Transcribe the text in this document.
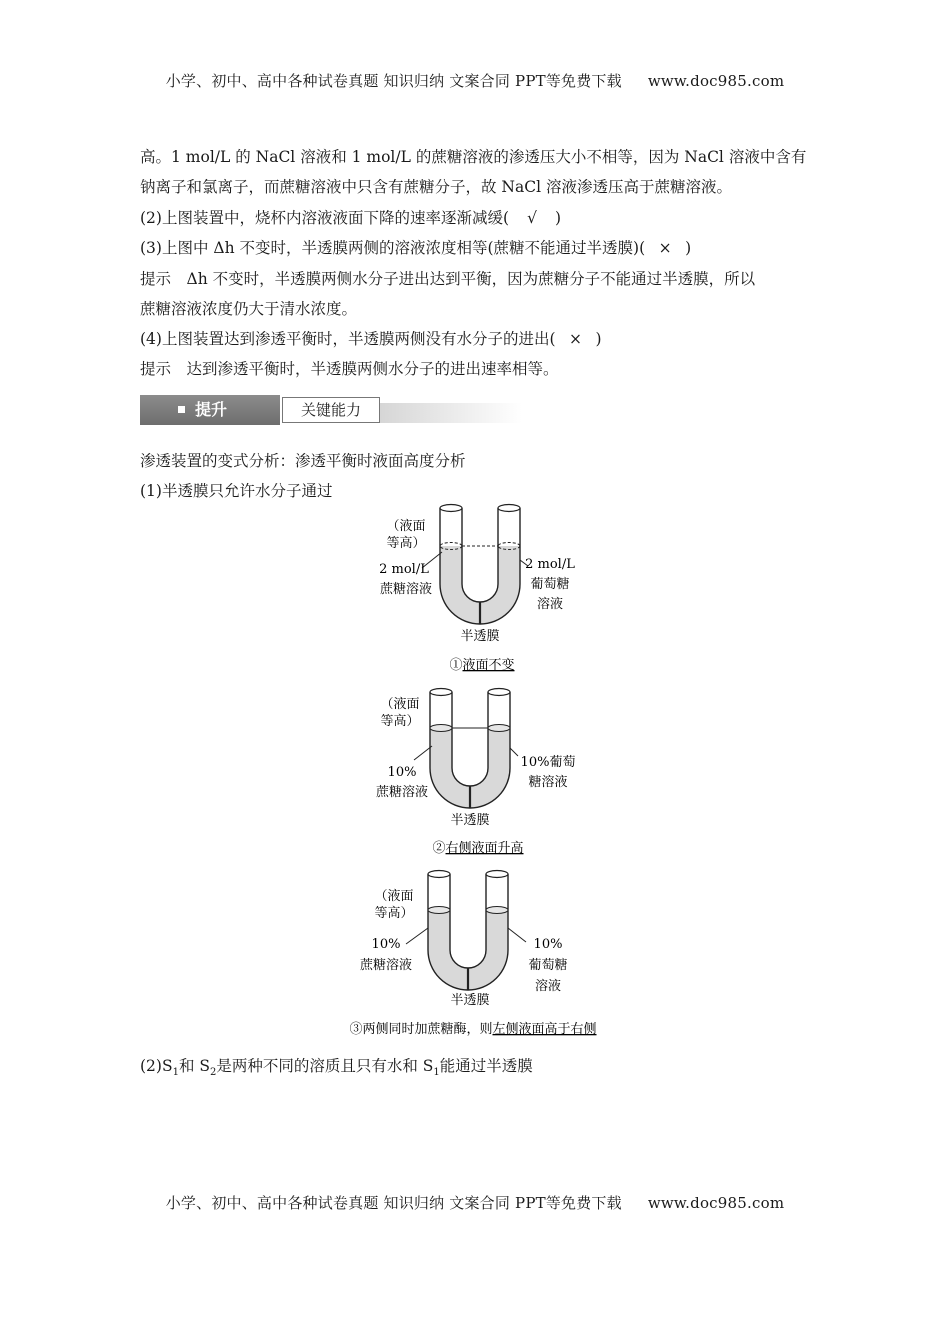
小学、初中、高中各种试卷真题 知识归纳 文案合同 PPT等免费下载 www.doc985.com
高。1 mol/L 的 NaCl 溶液和 1 mol/L 的蔗糖溶液的渗透压大小不相等，因为 NaCl 溶液中含有
钠离子和氯离子，而蔗糖溶液中只含有蔗糖分子，故 NaCl 溶液渗透压高于蔗糖溶液。
(2)上图装置中，烧杯内溶液液面下降的速率逐渐减缓( √ )
(3)上图中 Δh 不变时，半透膜两侧的溶液浓度相等(蔗糖不能通过半透膜)( × )
提示　Δh 不变时，半透膜两侧水分子进出达到平衡，因为蔗糖分子不能通过半透膜，所以
蔗糖溶液浓度仍大于清水浓度。
(4)上图装置达到渗透平衡时，半透膜两侧没有水分子的进出( × )
提示　达到渗透平衡时，半透膜两侧水分子的进出速率相等。
提升	关键能力
渗透装置的变式分析：渗透平衡时液面高度分析
(1)半透膜只允许水分子通过
（液面
等高）
2 mol/L
蔗糖溶液
2 mol/L
葡萄糖
溶液
半透膜
①液面不变
（液面
等高）
10%
蔗糖溶液
10%葡萄
糖溶液
半透膜
②右侧液面升高
（液面
等高）
10%
蔗糖溶液
10%
葡萄糖
溶液
半透膜
③两侧同时加蔗糖酶，则左侧液面高于右侧
$(2)S_1$和 $S_2$是两种不同的溶质且只有水和 $S_1$能通过半透膜
小学、初中、高中各种试卷真题 知识归纳 文案合同 PPT等免费下载 www.doc985.com
